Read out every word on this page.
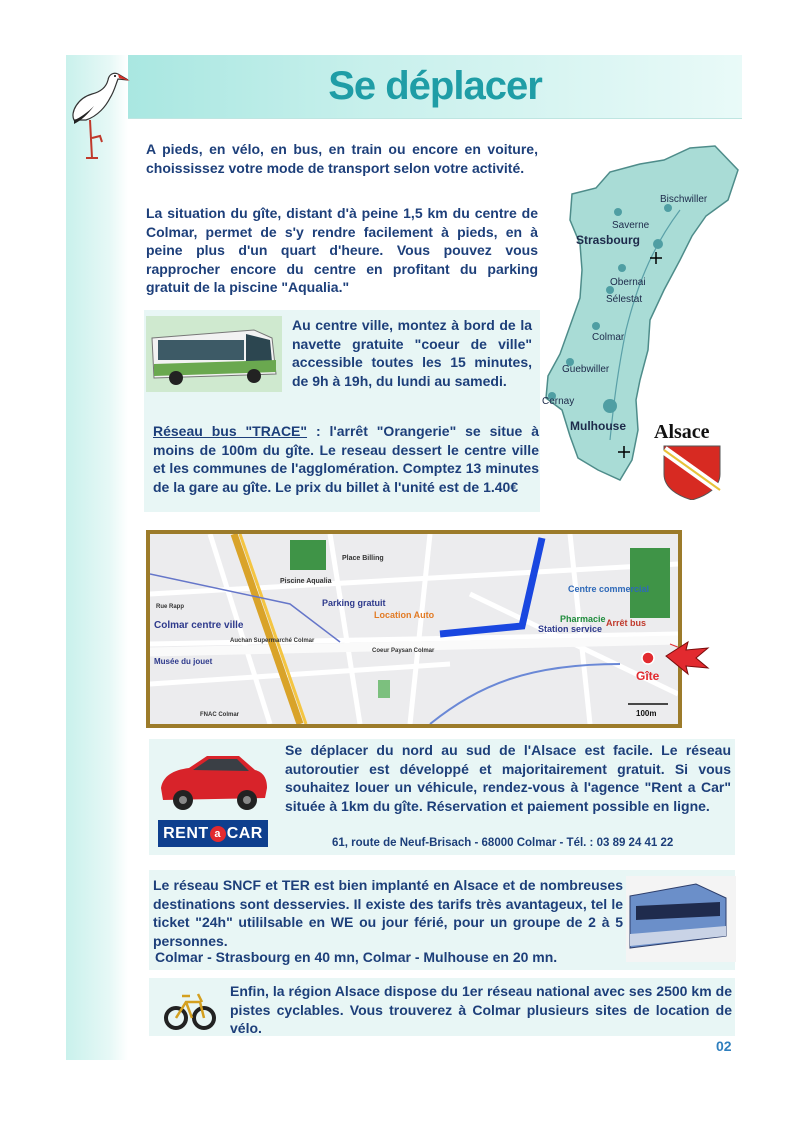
Se déplacer
A pieds, en vélo, en bus, en train ou encore en voiture, choississez votre mode de transport selon votre activité.
La situation du gîte, distant d'à peine 1,5 km du centre de Colmar, permet de s'y rendre facilement à pieds, en à peine plus d'un quart d'heure. Vous pouvez vous rapprocher encore du centre en profitant du parking gratuit de la piscine "Aqualia."
Bischwiller
Saverne
Strasbourg
Obernai
Sélestat
Colmar
Guebwiller
Cernay
Mulhouse Alsace
Au centre ville, montez à bord de la navette gratuite "coeur de ville" accessible toutes les 15 minutes, de 9h à 19h, du lundi au samedi.
Réseau bus "TRACE" : l'arrêt "Orangerie" se situe à moins de 100m du gîte. Le reseau dessert le centre ville et les communes de l'agglomération. Comptez 13 minutes de la gare au gîte. Le prix du billet à l'unité est de 1.40€
Place Billing
Piscine Aqualia
Parking gratuit
Location Auto
Centre commercial
Pharmacie Arrêt bus
Station service
Colmar centre ville
Rue Rapp
Auchan Supermarché Colmar
Musée du jouet
FNAC Colmar
Coeur Paysan Colmar
Gîte
100m
RENT a CAR
Se déplacer du nord au sud de l'Alsace est facile. Le réseau autoroutier est développé et majoritairement gratuit. Si vous souhaitez louer un véhicule, rendez-vous à l'agence "Rent a Car" située à 1km du gîte. Réservation et paiement possible en ligne.
61, route de Neuf-Brisach - 68000 Colmar - Tél. : 03 89 24 41 22
Le réseau SNCF et TER est bien implanté en Alsace et de nombreuses destinations sont desservies. Il existe des tarifs très avantageux, tel le ticket "24h" utililsable en WE ou jour férié, pour un groupe de 2 à 5 personnes.
Colmar - Strasbourg en 40 mn, Colmar - Mulhouse en 20 mn.
Enfin, la région Alsace dispose du 1er réseau national avec ses 2500 km de pistes cyclables. Vous trouverez à Colmar plusieurs sites de location de vélo.
02
